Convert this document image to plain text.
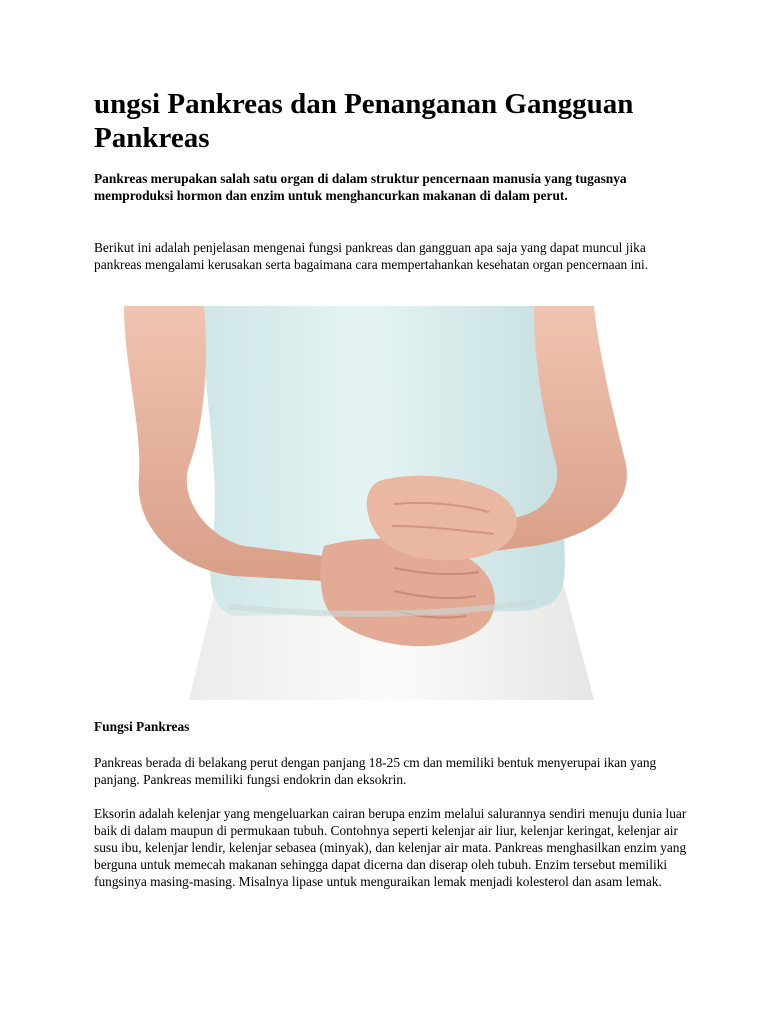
ungsi Pankreas dan Penanganan Gangguan Pankreas

Pankreas merupakan salah satu organ di dalam struktur pencernaan manusia yang tugasnya memproduksi hormon dan enzim untuk menghancurkan makanan di dalam perut.

Berikut ini adalah penjelasan mengenai fungsi pankreas dan gangguan apa saja yang dapat muncul jika pankreas mengalami kerusakan serta bagaimana cara mempertahankan kesehatan organ pencernaan ini.

Fungsi Pankreas

Pankreas berada di belakang perut dengan panjang 18-25 cm dan memiliki bentuk menyerupai ikan yang panjang. Pankreas memiliki fungsi endokrin dan eksokrin.

Eksorin adalah kelenjar yang mengeluarkan cairan berupa enzim melalui salurannya sendiri menuju dunia luar baik di dalam maupun di permukaan tubuh. Contohnya seperti kelenjar air liur, kelenjar keringat, kelenjar air susu ibu, kelenjar lendir, kelenjar sebasea (minyak), dan kelenjar air mata. Pankreas menghasilkan enzim yang berguna untuk memecah makanan sehingga dapat dicerna dan diserap oleh tubuh. Enzim tersebut memiliki fungsinya masing-masing. Misalnya lipase untuk menguraikan lemak menjadi kolesterol dan asam lemak.
